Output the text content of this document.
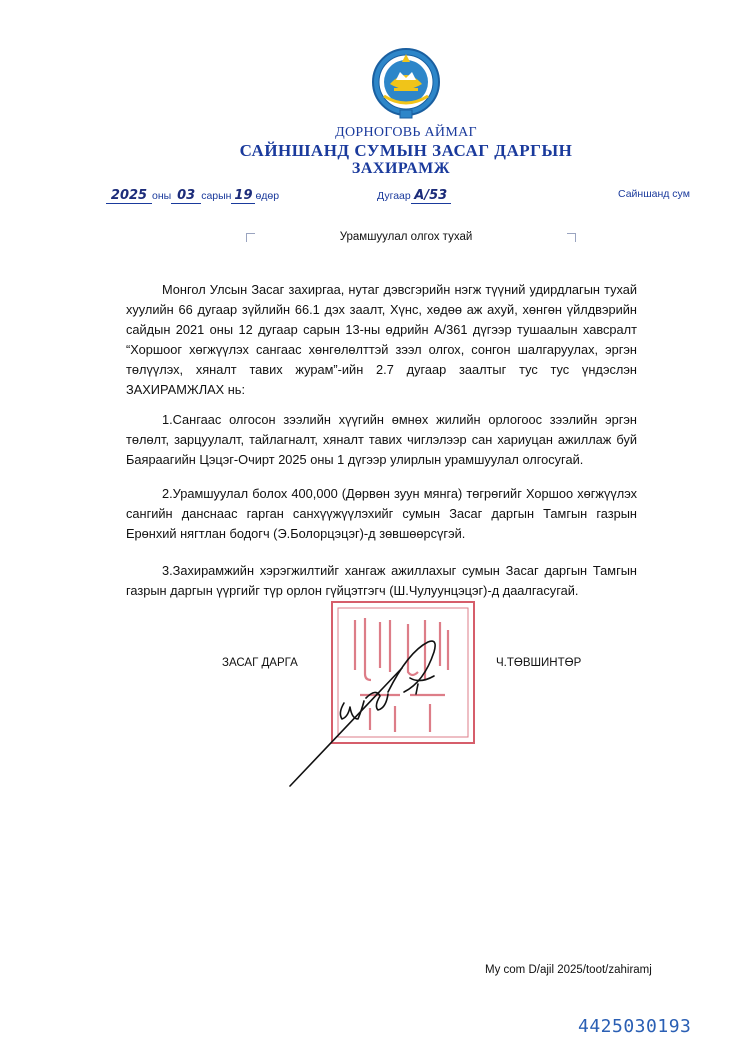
ДОРНОГОВЬ АЙМАГ
САЙНШАНД СУМЫН ЗАСАГ ДАРГЫН
ЗАХИРАМЖ
2025 оны 03 сарын 19 өдөр	Дугаар А/53	Сайншанд сум
Урамшуулал олгох тухай
Монгол Улсын Засаг захиргаа, нутаг дэвсгэрийн нэгж түүний удирдлагын тухай хуулийн 66 дугаар зүйлийн 66.1 дэх заалт, Хүнс, хөдөө аж ахуй, хөнгөн үйлдвэрийн сайдын 2021 оны 12 дугаар сарын 13-ны өдрийн А/361 дүгээр тушаалын хавсралт “Хоршоог хөгжүүлэх сангаас хөнгөлөлттэй зээл олгох, сонгон шалгаруулах, эргэн төлүүлэх, хяналт тавих журам”-ийн 2.7 дугаар заалтыг тус тус үндэслэн ЗАХИРАМЖЛАХ нь:
1.Сангаас олгосон зээлийн хүүгийн өмнөх жилийн орлогоос зээлийн эргэн төлөлт, зарцуулалт, тайлагналт, хяналт тавих чиглэлээр сан хариуцан ажиллаж буй Баяраагийн Цэцэг-Очирт 2025 оны 1 дүгээр улирлын урамшуулал олгосугай.
2.Урамшуулал болох 400,000 (Дөрвөн зуун мянга) төгрөгийг Хоршоо хөгжүүлэх сангийн данснаас гарган санхүүжүүлэхийг сумын Засаг даргын Тамгын газрын Ерөнхий нягтлан бодогч (Э.Болорцэцэг)-д зөвшөөрсүгэй.
3.Захирамжийн хэрэгжилтийг хангаж ажиллахыг сумын Засаг даргын Тамгын газрын даргын үүргийг түр орлон гүйцэтгэгч (Ш.Чулуунцэцэг)-д даалгасугай.
ЗАСАГ ДАРГА	Ч.ТӨВШИНТӨР
My com D/ajil 2025/toot/zahiramj
4425030193
